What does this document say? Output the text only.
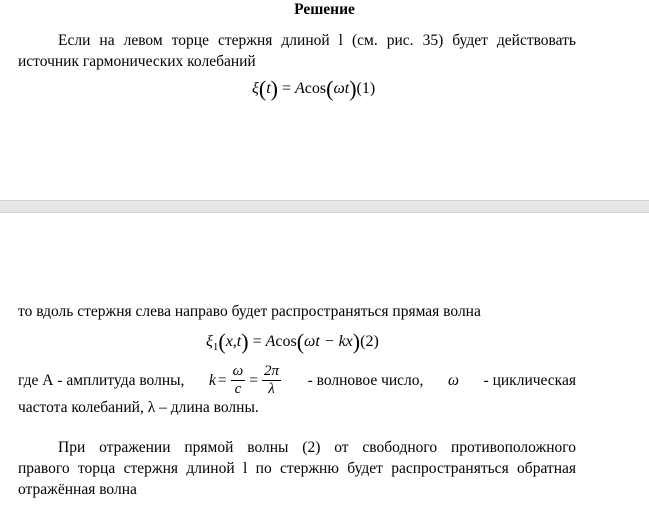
Решение
Если на левом торце стержня длиной l (см. рис. 35) будет действовать
источник гармонических колебаний
ξ(t) = Acos(ωt)(1)
то вдоль стержня слева направо будет распространяться прямая волна
$\xi_1(x,t) = Acos(\omega t - kx)(2)$
где А - амплитуда волны, $k = \frac{\omega}{c} = \frac{2\pi}{\lambda}$ - волновое число, ω - циклическая
частота колебаний, λ – длина волны.
При отражении прямой волны (2) от свободного противоположного
правого торца стержня длиной l по стержню будет распространяться обратная
отражённая волна
